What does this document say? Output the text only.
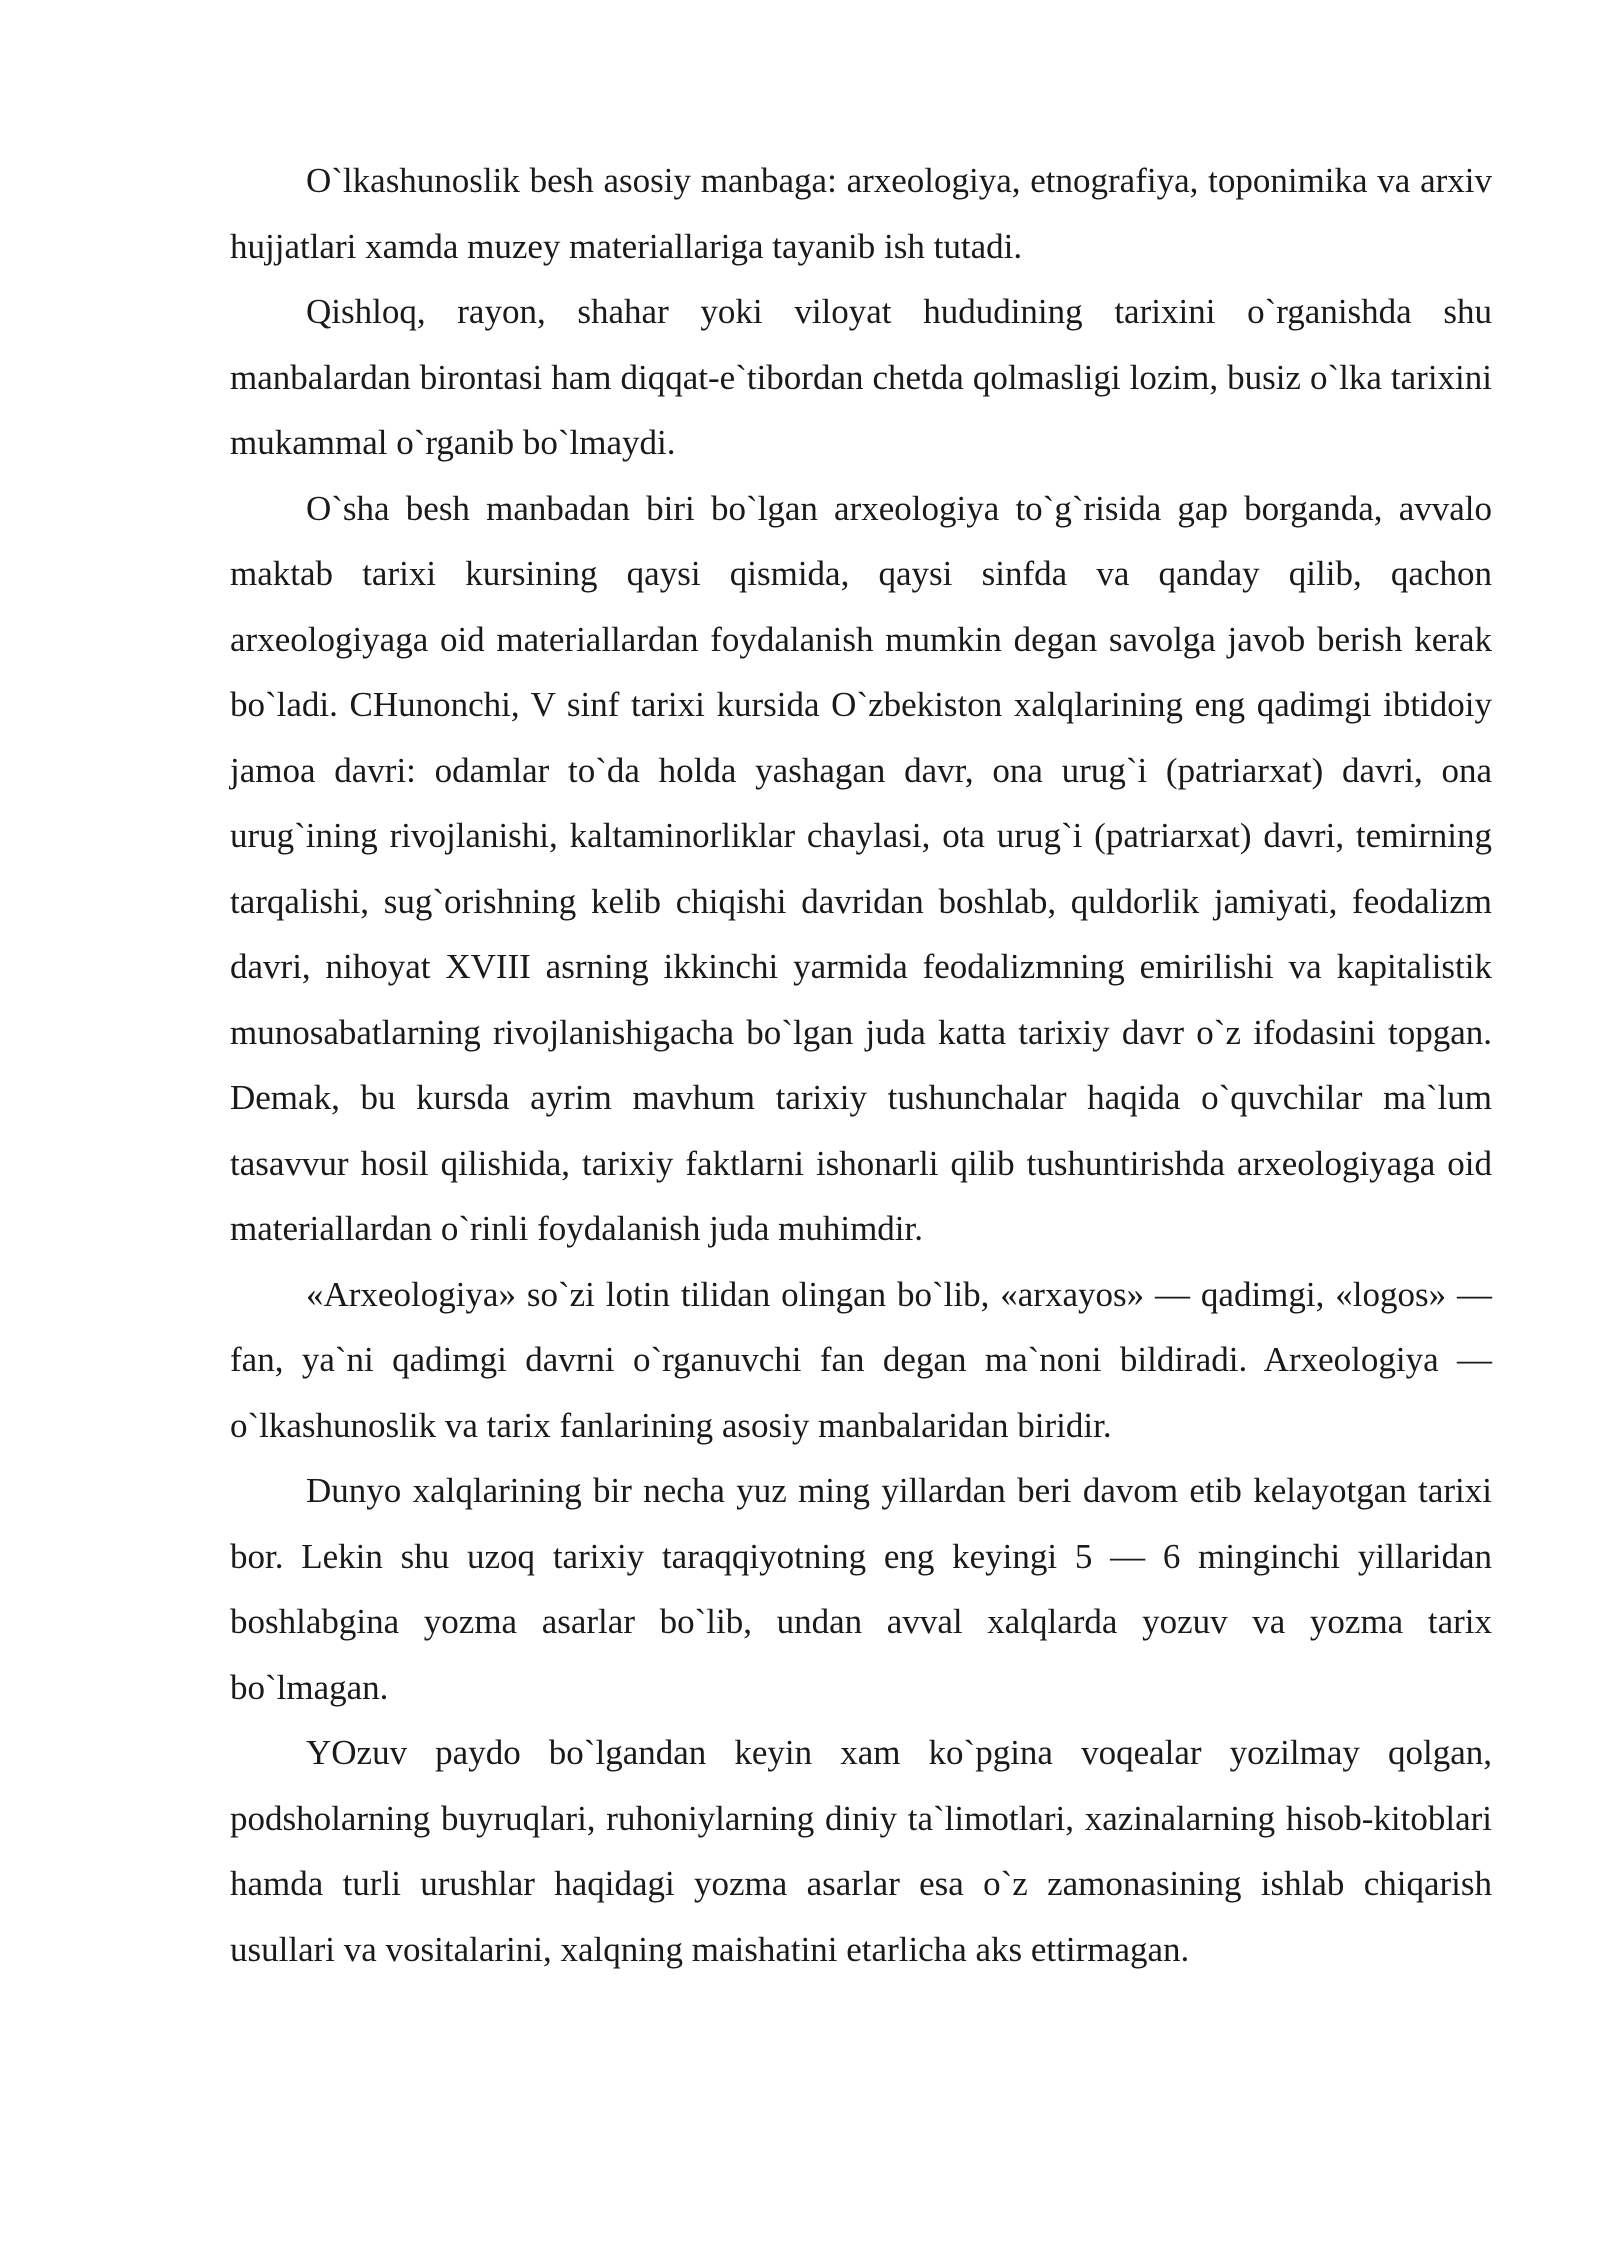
O`lkashunoslik besh asosiy manbaga: arxeologiya, etnografiya, toponimika va arxiv hujjatlari xamda muzey materiallariga tayanib ish tutadi.

Qishloq, rayon, shahar yoki viloyat hududining tarixini o`rganishda shu manbalardan birontasi ham diqqat-e`tibordan chetda qolmasligi lozim, busiz o`lka tarixini mukammal o`rganib bo`lmaydi.

O`sha besh manbadan biri bo`lgan arxeologiya to`g`risida gap borganda, avvalo maktab tarixi kursining qaysi qismida, qaysi sinfda va qanday qilib, qachon arxeologiyaga oid materiallardan foydalanish mumkin degan savolga javob berish kerak bo`ladi. CHunonchi, V sinf tarixi kursida O`zbekiston xalqlarining eng qadimgi ibtidoiy jamoa davri: odamlar to`da holda yashagan davr, ona urug`i (patriarxat) davri, ona urug`ining rivojlanishi, kaltaminorliklar chaylasi, ota urug`i (patriarxat) davri, temirning tarqalishi, sug`orishning kelib chiqishi davridan boshlab, quldorlik jamiyati, feodalizm davri, nihoyat XVIII asrning ikkinchi yarmida feodalizmning emirilishi va kapitalistik munosabatlarning rivojlanishigacha bo`lgan juda katta tarixiy davr o`z ifodasini topgan. Demak, bu kursda ayrim mavhum tarixiy tushunchalar haqida o`quvchilar ma`lum tasavvur hosil qilishida, tarixiy faktlarni ishonarli qilib tushuntirishda arxeologiyaga oid materiallardan o`rinli foydalanish juda muhimdir.

«Arxeologiya» so`zi lotin tilidan olingan bo`lib, «arxayos» — qadimgi, «logos» — fan, ya`ni qadimgi davrni o`rganuvchi fan degan ma`noni bildiradi. Arxeologiya — o`lkashunoslik va tarix fanlarining asosiy manbalaridan biridir.

Dunyo xalqlarining bir necha yuz ming yillardan beri davom etib kelayotgan tarixi bor. Lekin shu uzoq tarixiy taraqqiyotning eng keyingi 5 — 6 minginchi yillaridan boshlabgina yozma asarlar bo`lib, undan avval xalqlarda yozuv va yozma tarix bo`lmagan.

YOzuv paydo bo`lgandan keyin xam ko`pgina voqealar yozilmay qolgan, podsholarning buyruqlari, ruhoniylarning diniy ta`limotlari, xazinalarning hisob-kitoblari hamda turli urushlar haqidagi yozma asarlar esa o`z zamonasining ishlab chiqarish usullari va vositalarini, xalqning maishatini etarlicha aks ettirmagan.
